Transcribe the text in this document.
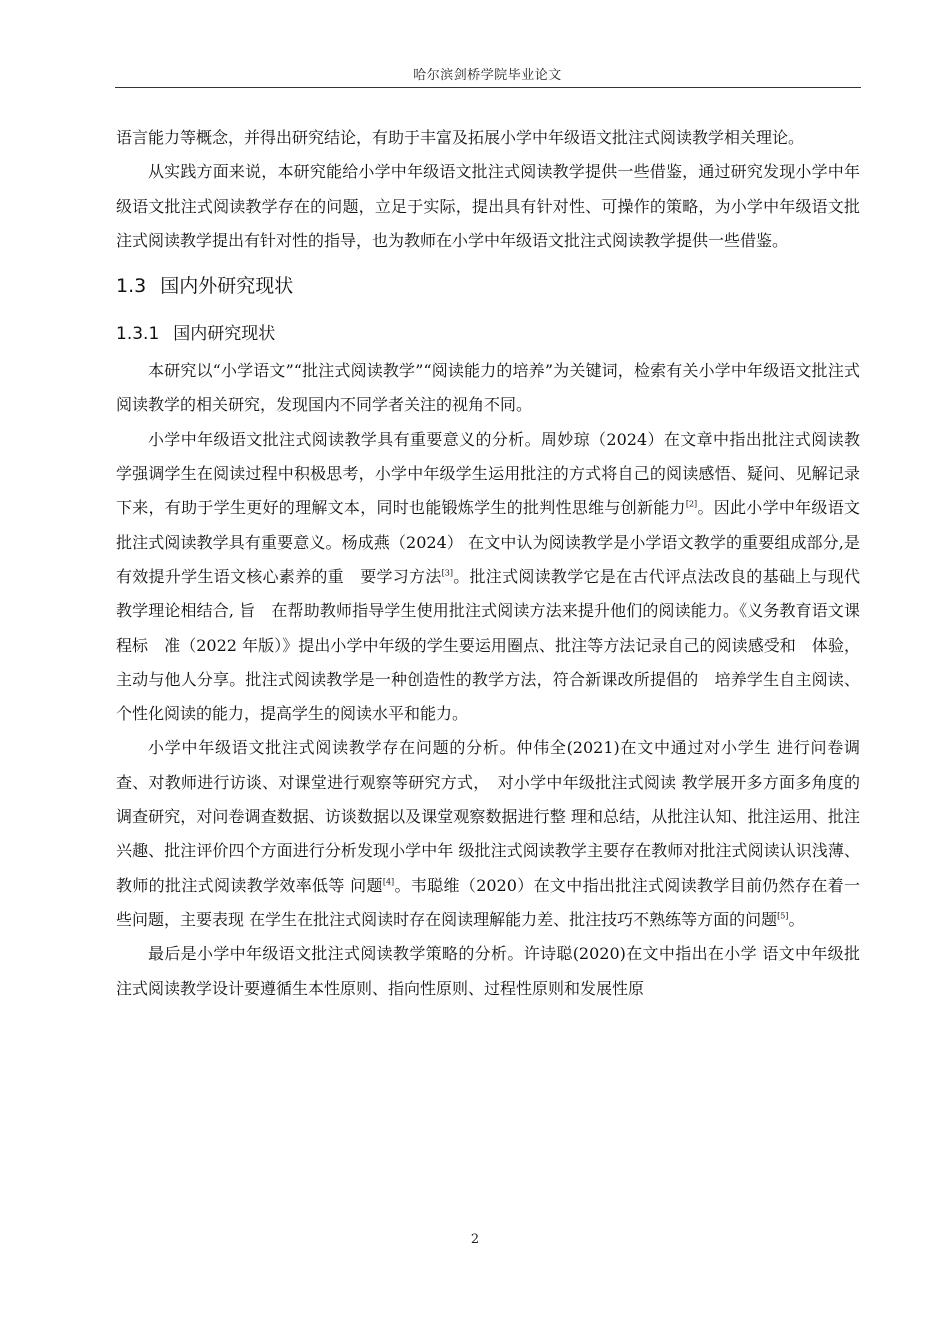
哈尔滨剑桥学院毕业论文

语言能力等概念，并得出研究结论，有助于丰富及拓展小学中年级语文批注式阅读教学相关理论。

从实践方面来说，本研究能给小学中年级语文批注式阅读教学提供一些借鉴，通过研究发现小学中年级语文批注式阅读教学存在的问题，立足于实际，提出具有针对性、可操作的策略，为小学中年级语文批注式阅读教学提出有针对性的指导，也为教师在小学中年级语文批注式阅读教学提供一些借鉴。

1.3 国内外研究现状
1.3.1 国内研究现状

本研究以“小学语文”“批注式阅读教学”“阅读能力的培养”为关键词，检索有关小学中年级语文批注式阅读教学的相关研究，发现国内不同学者关注的视角不同。

小学中年级语文批注式阅读教学具有重要意义的分析。周妙琼（2024）在文章中指出批注式阅读教学强调学生在阅读过程中积极思考，小学中年级学生运用批注的方式将自己的阅读感悟、疑问、见解记录下来，有助于学生更好的理解文本，同时也能锻炼学生的批判性思维与创新能力[2]。因此小学中年级语文批注式阅读教学具有重要意义。杨成燕（2024） 在文中认为阅读教学是小学语文教学的重要组成部分,是有效提升学生语文核心素养的重　要学习方法[3]。批注式阅读教学它是在古代评点法改良的基础上与现代教学理论相结合, 旨　在帮助教师指导学生使用批注式阅读方法来提升他们的阅读能力。《义务教育语文课程标　准（2022 年版）》提出小学中年级的学生要运用圈点、批注等方法记录自己的阅读感受和　体验，主动与他人分享。批注式阅读教学是一种创造性的教学方法，符合新课改所提倡的　培养学生自主阅读、个性化阅读的能力，提高学生的阅读水平和能力。

小学中年级语文批注式阅读教学存在问题的分析。仲伟全(2021)在文中通过对小学生 进行问卷调查、对教师进行访谈、对课堂进行观察等研究方式，　对小学中年级批注式阅读 教学展开多方面多角度的调查研究，对问卷调查数据、访谈数据以及课堂观察数据进行整 理和总结，从批注认知、批注运用、批注兴趣、批注评价四个方面进行分析发现小学中年 级批注式阅读教学主要存在教师对批注式阅读认识浅薄、教师的批注式阅读教学效率低等 问题[4]。韦聪维（2020）在文中指出批注式阅读教学目前仍然存在着一些问题，主要表现 在学生在批注式阅读时存在阅读理解能力差、批注技巧不熟练等方面的问题[5]。

最后是小学中年级语文批注式阅读教学策略的分析。许诗聪(2020)在文中指出在小学 语文中年级批注式阅读教学设计要遵循生本性原则、指向性原则、过程性原则和发展性原

2
